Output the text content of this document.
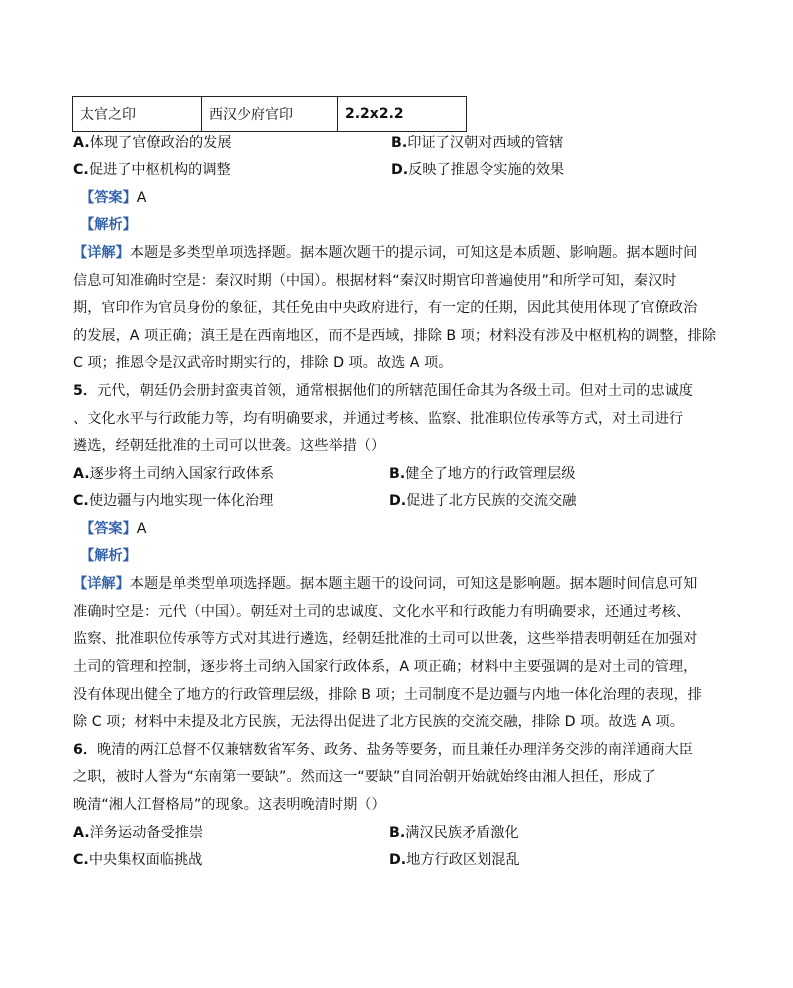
太官之印	西汉少府官印	2.2x2.2
A.体现了官僚政治的发展	B.印证了汉朝对西域的管辖
C.促进了中枢机构的调整	D.反映了推恩令实施的效果
【答案】A
【解析】
【详解】本题是多类型单项选择题。据本题次题干的提示词，可知这是本质题、影响题。据本题时间
信息可知准确时空是：秦汉时期（中国）。根据材料“秦汉时期官印普遍使用”和所学可知，秦汉时
期，官印作为官员身份的象征，其任免由中央政府进行，有一定的任期，因此其使用体现了官僚政治
的发展，A 项正确；滇王是在西南地区，而不是西域，排除 B 项；材料没有涉及中枢机构的调整，排除
C 项；推恩令是汉武帝时期实行的，排除 D 项。故选 A 项。
5．元代，朝廷仍会册封蛮夷首领，通常根据他们的所辖范围任命其为各级土司。但对土司的忠诚度
、文化水平与行政能力等，均有明确要求，并通过考核、监察、批准职位传承等方式，对土司进行
遴选，经朝廷批准的土司可以世袭。这些举措（）
A.逐步将土司纳入国家行政体系	B.健全了地方的行政管理层级
C.使边疆与内地实现一体化治理	D.促进了北方民族的交流交融
【答案】A
【解析】
【详解】本题是单类型单项选择题。据本题主题干的设问词，可知这是影响题。据本题时间信息可知
准确时空是：元代（中国）。朝廷对土司的忠诚度、文化水平和行政能力有明确要求，还通过考核、
监察、批准职位传承等方式对其进行遴选，经朝廷批准的土司可以世袭，这些举措表明朝廷在加强对
土司的管理和控制，逐步将土司纳入国家行政体系，A 项正确；材料中主要强调的是对土司的管理，
没有体现出健全了地方的行政管理层级，排除 B 项；土司制度不是边疆与内地一体化治理的表现，排
除 C 项；材料中未提及北方民族，无法得出促进了北方民族的交流交融，排除 D 项。故选 A 项。
6．晚清的两江总督不仅兼辖数省军务、政务、盐务等要务，而且兼任办理洋务交涉的南洋通商大臣
之职，被时人誉为“东南第一要缺”。然而这一“要缺”自同治朝开始就始终由湘人担任，形成了
晚清“湘人江督格局”的现象。这表明晚清时期（）
A.洋务运动备受推崇	B.满汉民族矛盾激化
C.中央集权面临挑战	D.地方行政区划混乱
